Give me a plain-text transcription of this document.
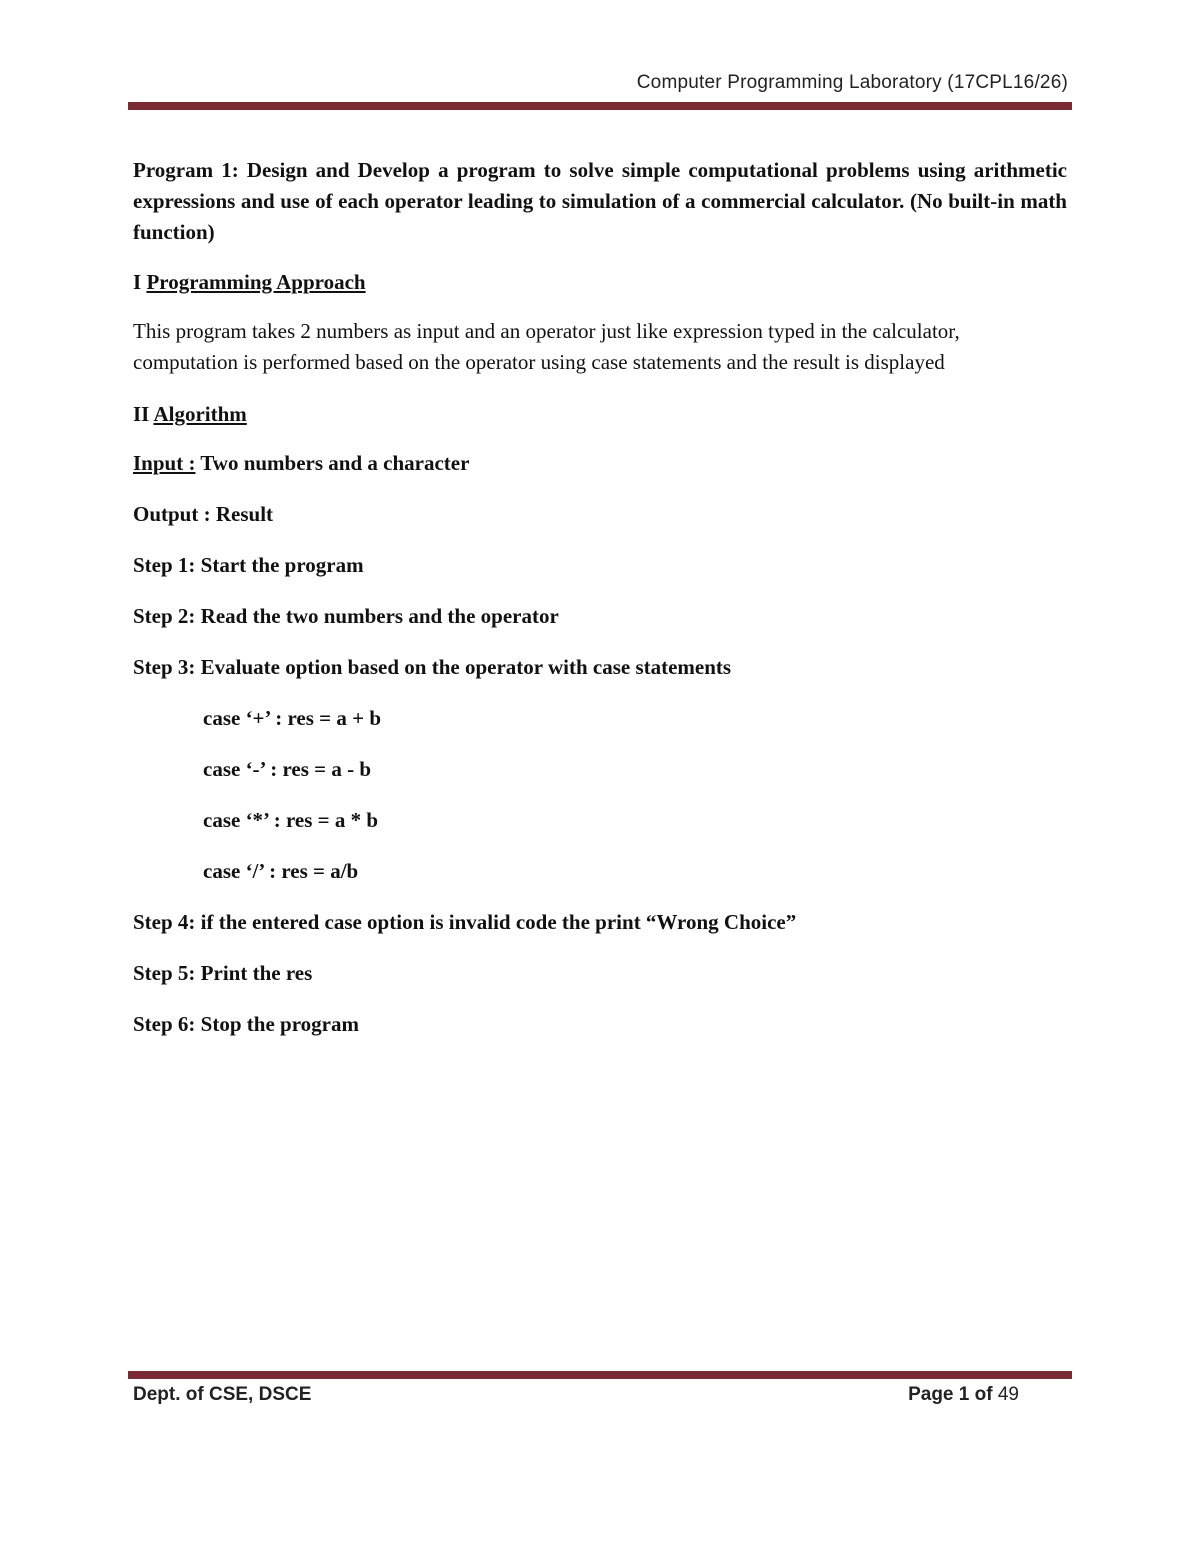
Computer Programming Laboratory (17CPL16/26)

Program 1: Design and Develop a program to solve simple computational problems using arithmetic expressions and use of each operator leading to simulation of a commercial calculator. (No built-in math function)

I Programming Approach

This program takes 2 numbers as input and an operator just like expression typed in the calculator, computation is performed based on the operator using case statements and the result is displayed

II Algorithm

Input : Two numbers and a character

Output : Result

Step 1: Start the program

Step 2: Read the two numbers and the operator

Step 3: Evaluate option based on the operator with case statements

case ‘+’ : res = a + b

case ‘-’ : res = a - b

case ‘*’ : res = a * b

case ‘/’ : res = a/b

Step 4: if the entered case option is invalid code the print “Wrong Choice”

Step 5: Print the res

Step 6: Stop the program

Dept. of CSE, DSCE	Page 1 of 49
